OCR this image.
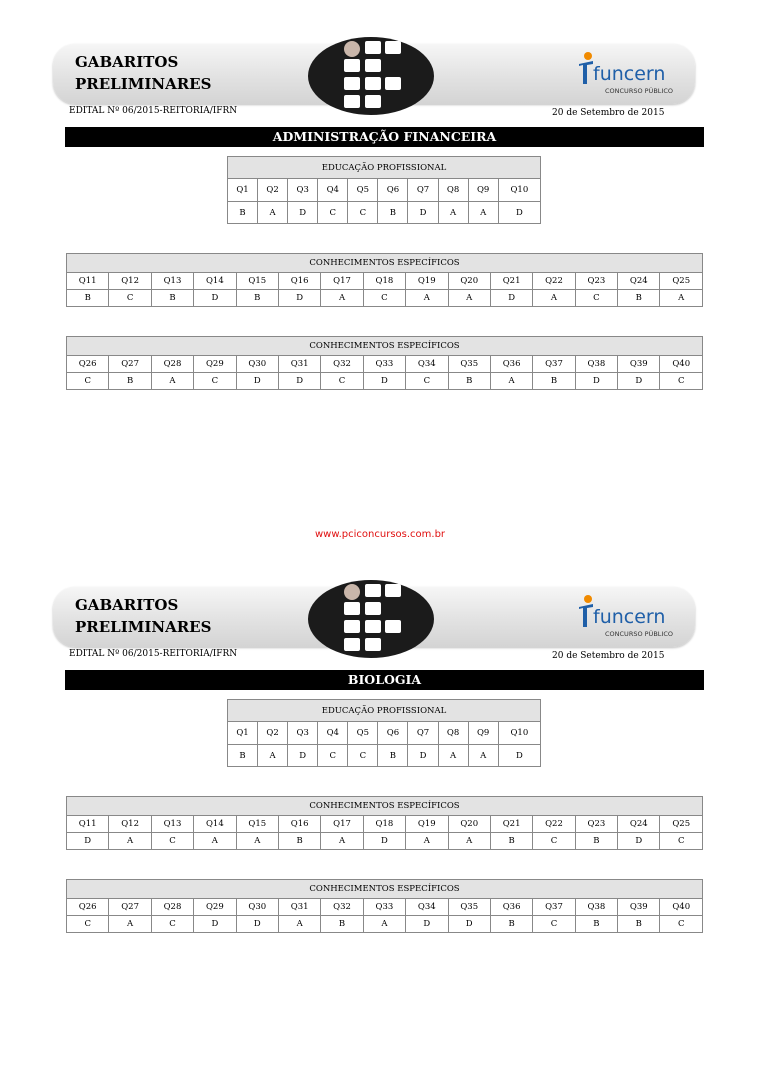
GABARITOS
PRELIMINARES	funcern
CONCURSO PÚBLICO
EDITAL Nº 06/2015-REITORIA/IFRN	20 de Setembro de 2015
ADMINISTRAÇÃO FINANCEIRA
EDUCAÇÃO PROFISSIONAL									
Q1	Q2	Q3	Q4	Q5	Q6	Q7	Q8	Q9	Q10
B	A	D	C	C	B	D	A	A	D
CONHECIMENTOS ESPECÍFICOS														
Q11	Q12	Q13	Q14	Q15	Q16	Q17	Q18	Q19	Q20	Q21	Q22	Q23	Q24	Q25
B	C	B	D	B	D	A	C	A	A	D	A	C	B	A
CONHECIMENTOS ESPECÍFICOS														
Q26	Q27	Q28	Q29	Q30	Q31	Q32	Q33	Q34	Q35	Q36	Q37	Q38	Q39	Q40
C	B	A	C	D	D	C	D	C	B	A	B	D	D	C
GABARITOS
PRELIMINARES	funcern
CONCURSO PÚBLICO
EDITAL Nº 06/2015-REITORIA/IFRN	20 de Setembro de 2015
BIOLOGIA
EDUCAÇÃO PROFISSIONAL									
Q1	Q2	Q3	Q4	Q5	Q6	Q7	Q8	Q9	Q10
B	A	D	C	C	B	D	A	A	D
CONHECIMENTOS ESPECÍFICOS														
Q11	Q12	Q13	Q14	Q15	Q16	Q17	Q18	Q19	Q20	Q21	Q22	Q23	Q24	Q25
D	A	C	A	A	B	A	D	A	A	B	C	B	D	C
CONHECIMENTOS ESPECÍFICOS														
Q26	Q27	Q28	Q29	Q30	Q31	Q32	Q33	Q34	Q35	Q36	Q37	Q38	Q39	Q40
C	A	C	D	D	A	B	A	D	D	B	C	B	B	C
www.pciconcursos.com.br
